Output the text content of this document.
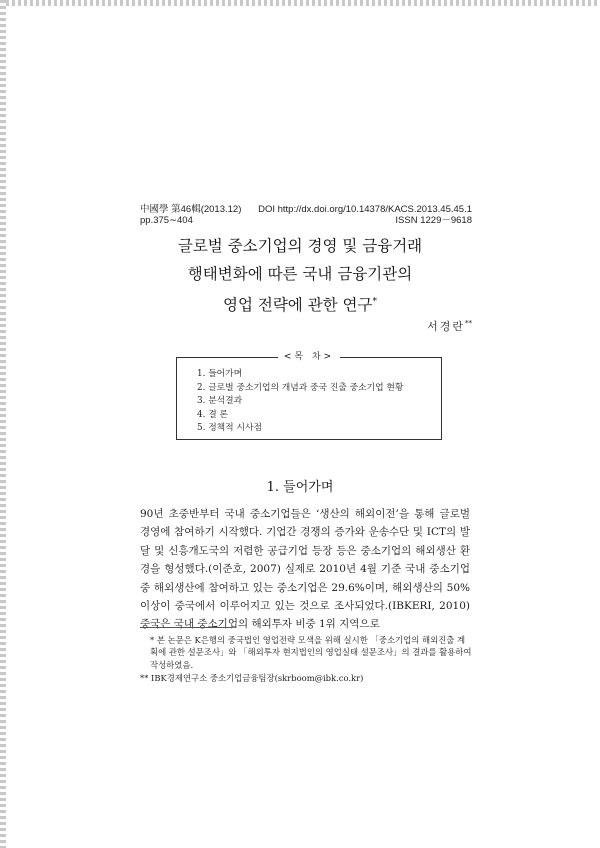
中國學 第46輯(2013.12)
pp.375∼404
DOI http://dx.doi.org/10.14378/KACS.2013.45.45.1
ISSN 1229－9618
글로벌 중소기업의 경영 및 금융거래
행태변화에 따른 국내 금융기관의
영업 전략에 관한 연구*
서경란**
<목 차>
1. 들어가며
2. 글로벌 중소기업의 개념과 중국 진출 중소기업 현황
3. 분석결과
4. 결 론
5. 정책적 시사점
1. 들어가며

90년 초중반부터 국내 중소기업들은 ‘생산의 해외이전’을 통해 글로벌 경영에 참여하기 시작했다. 기업간 경쟁의 증가와 운송수단 및 ICT의 발달 및 신흥개도국의 저렴한 공급기업 등장 등은 중소기업의 해외생산 환경을 형성했다.(이준호, 2007) 실제로 2010년 4월 기준 국내 중소기업 중 해외생산에 참여하고 있는 중소기업은 29.6%이며, 해외생산의 50%이상이 중국에서 이루어지고 있는 것으로 조사되었다.(IBKERI, 2010) 중국은 국내 중소기업의 해외투자 비중 1위 지역으로

* 본 논문은 K은행의 중국법인 영업전략 모색을 위해 실시한 「중소기업의 해외진출 계획에 관한 설문조사」와 「해외투자 현지법인의 영업실태 설문조사」의 결과를 활용하여 작성하였음.

** IBK경제연구소 중소기업금융팀장(skrboom@ibk.co.kr)
